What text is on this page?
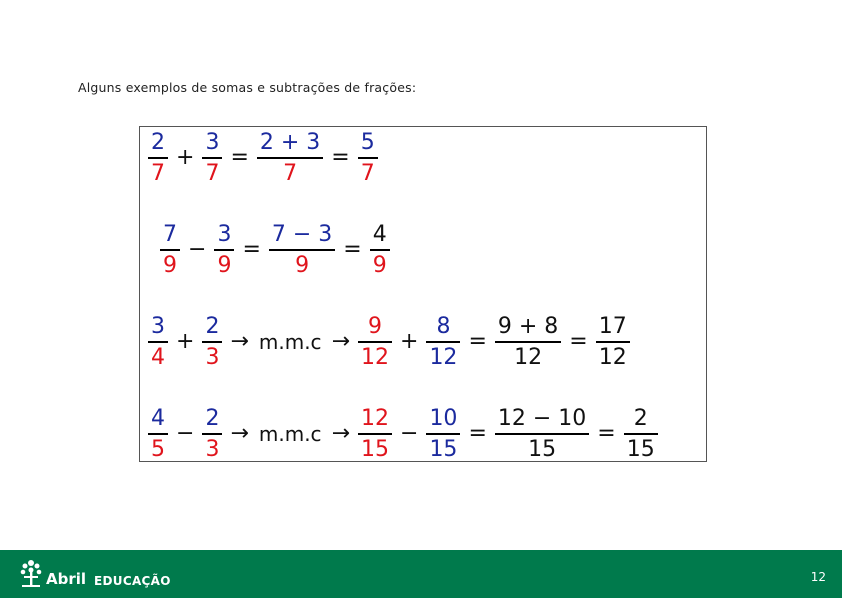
Alguns exemplos de somas e subtrações de frações:
$\frac{2}{7} + \frac{3}{7} = \frac{2 + 3}{7} = \frac{5}{7}$
$\frac{7}{9} - \frac{3}{9} = \frac{7 - 3}{9} = \frac{4}{9}$
$\frac{3}{4} + \frac{2}{3} \to m.m.c \to \frac{9}{12} + \frac{8}{12} = \frac{9 + 8}{12} = \frac{17}{12}$
$\frac{4}{5} - \frac{2}{3} \to m.m.c \to \frac{12}{15} - \frac{10}{15} = \frac{12 - 10}{15} = \frac{2}{15}$
Abril EDUCAÇÃO	12
